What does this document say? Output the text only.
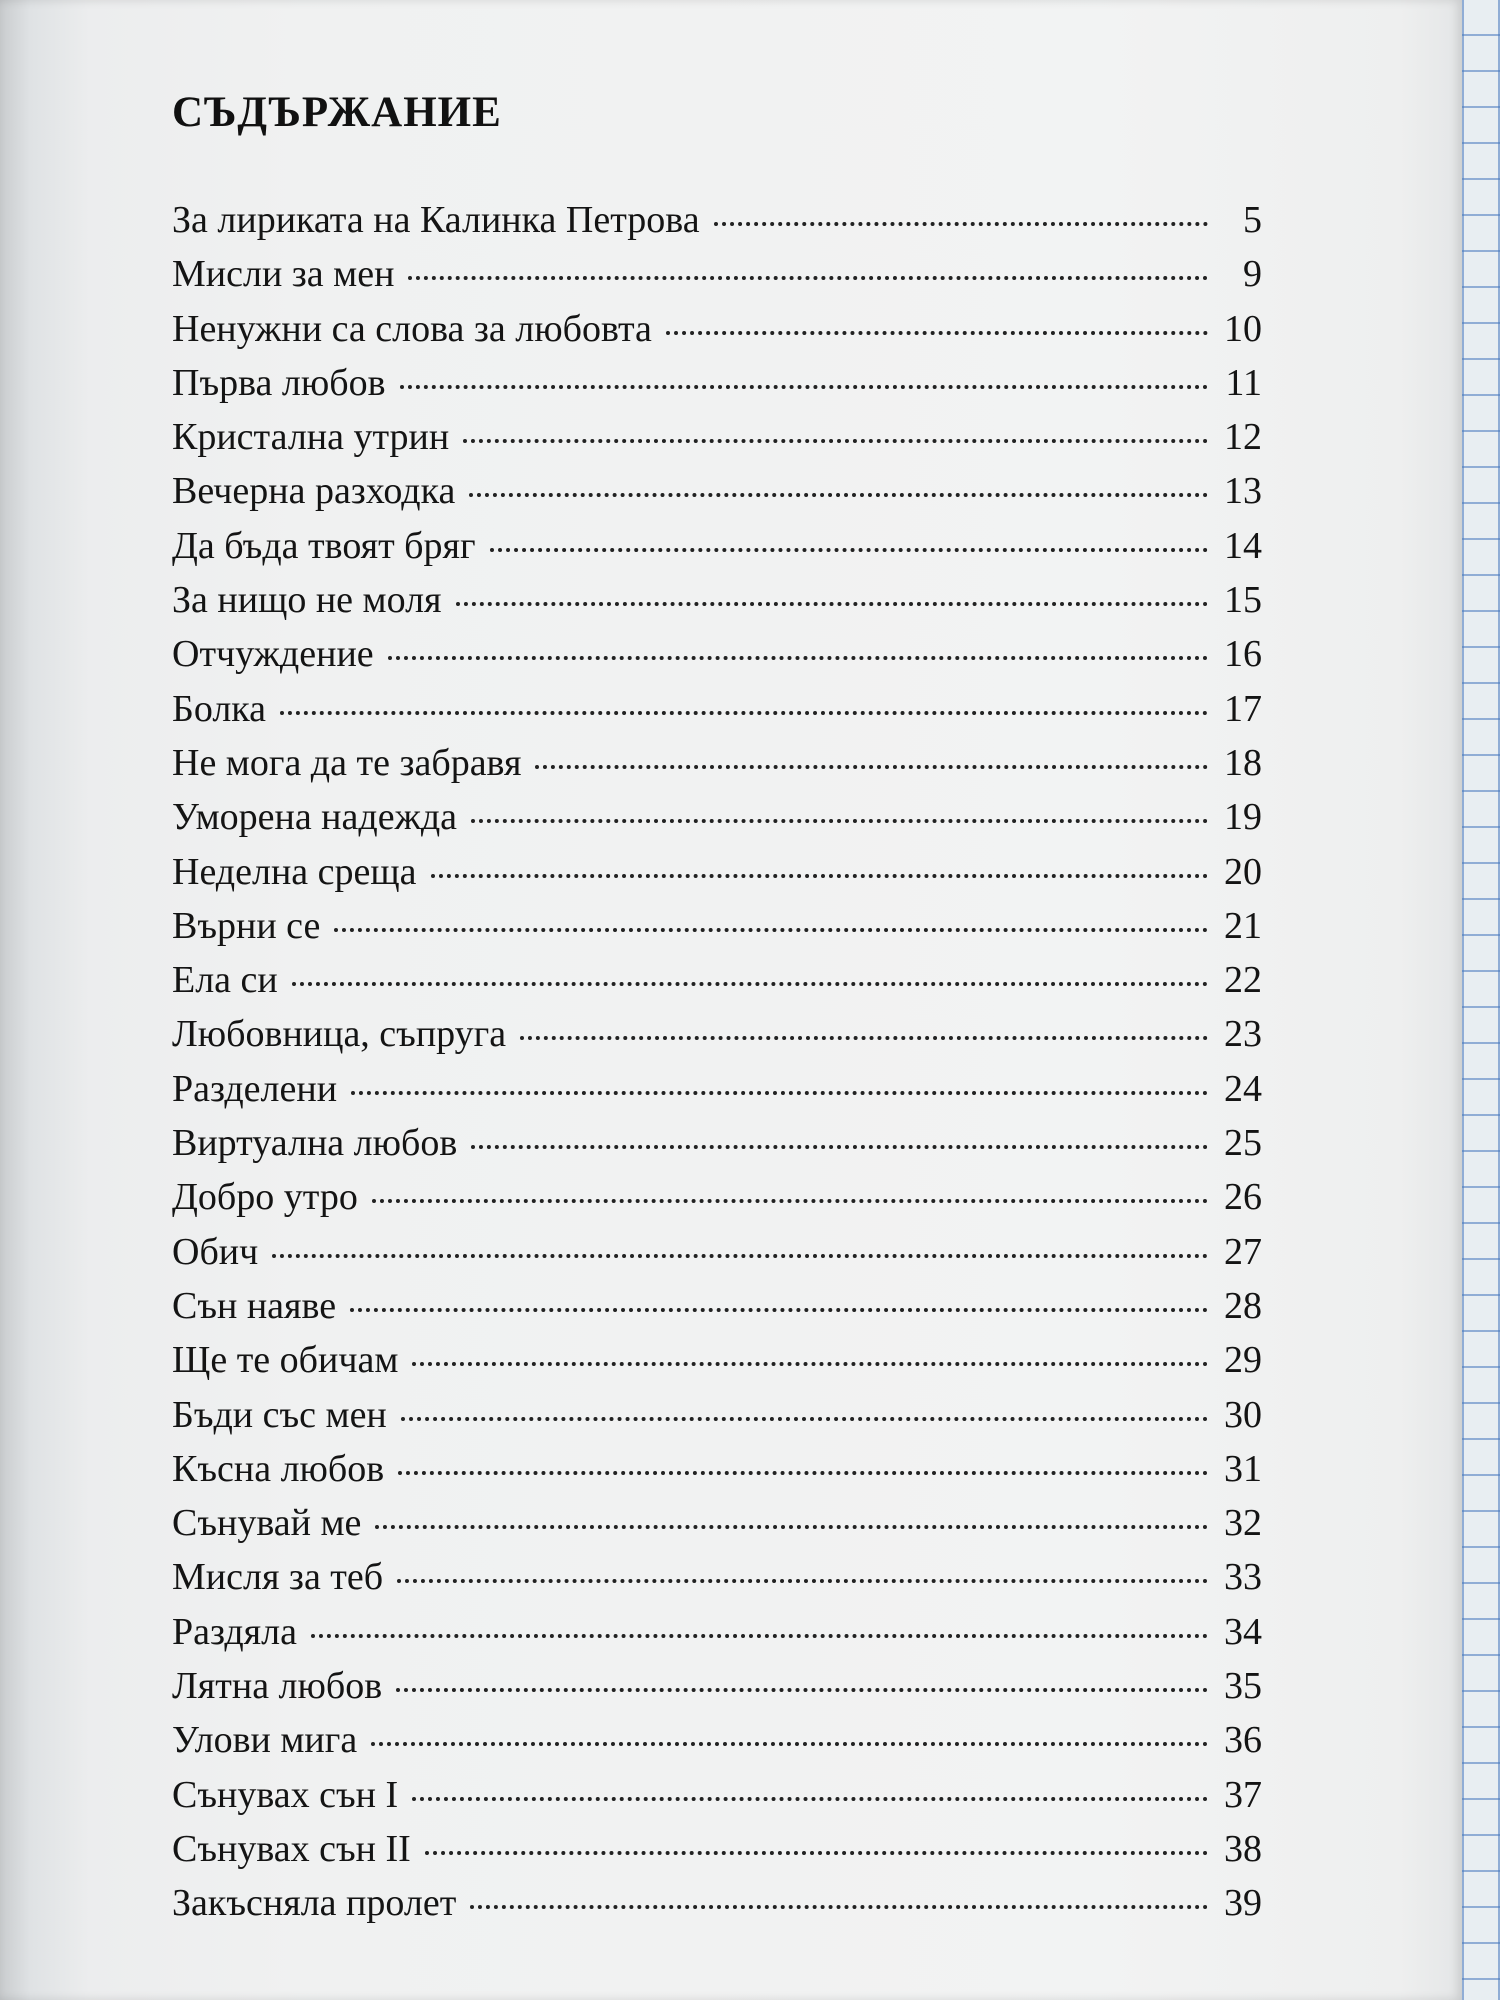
СЪДЪРЖАНИЕ
За лириката на Калинка Петрова	5
Мисли за мен	9
Ненужни са слова за любовта	10
Първа любов	11
Кристална утрин	12
Вечерна разходка	13
Да бъда твоят бряг	14
За нищо не моля	15
Отчуждение	16
Болка	17
Не мога да те забравя	18
Уморена надежда	19
Неделна среща	20
Върни се	21
Ела си	22
Любовница, съпруга	23
Разделени	24
Виртуална любов	25
Добро утро	26
Обич	27
Сън наяве	28
Ще те обичам	29
Бъди със мен	30
Късна любов	31
Сънувай ме	32
Мисля за теб	33
Раздяла	34
Лятна любов	35
Улови мига	36
Сънувах сън I	37
Сънувах сън II	38
Закъсняла пролет	39
